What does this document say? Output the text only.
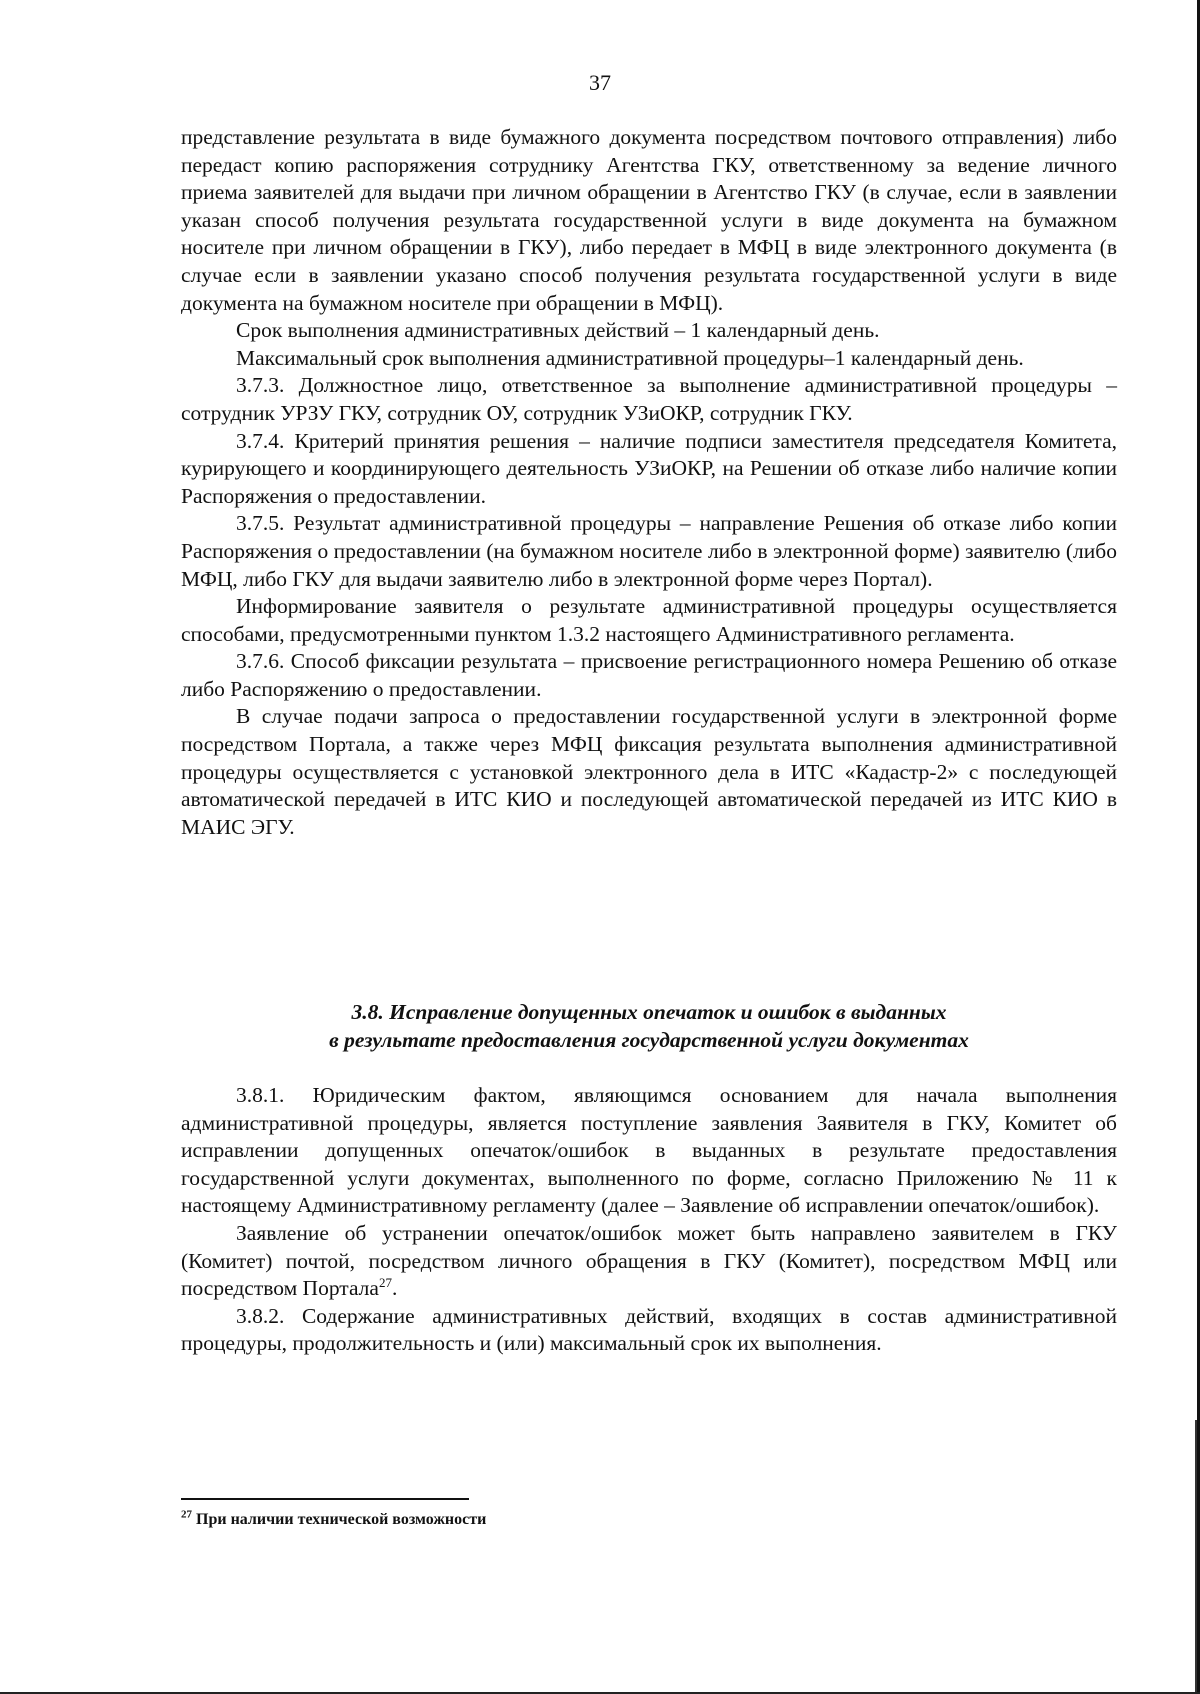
37

представление результата в виде бумажного документа посредством почтового отправления) либо передаст копию распоряжения сотруднику Агентства ГКУ, ответственному за ведение личного приема заявителей для выдачи при личном обращении в Агентство ГКУ (в случае, если в заявлении указан способ получения результата государственной услуги в виде документа на бумажном носителе при личном обращении в ГКУ), либо передает в МФЦ в виде электронного документа (в случае если в заявлении указано способ получения результата государственной услуги в виде документа на бумажном носителе при обращении в МФЦ).

Срок выполнения административных действий – 1 календарный день.

Максимальный срок выполнения административной процедуры–1 календарный день.

3.7.3. Должностное лицо, ответственное за выполнение административной процедуры – сотрудник УРЗУ ГКУ, сотрудник ОУ, сотрудник УЗиОКР, сотрудник ГКУ.

3.7.4. Критерий принятия решения – наличие подписи заместителя председателя Комитета, курирующего и координирующего деятельность УЗиОКР, на Решении об отказе либо наличие копии Распоряжения о предоставлении.

3.7.5. Результат административной процедуры – направление Решения об отказе либо копии Распоряжения о предоставлении (на бумажном носителе либо в электронной форме) заявителю (либо МФЦ, либо ГКУ для выдачи заявителю либо в электронной форме через Портал).

Информирование заявителя о результате административной процедуры осуществляется способами, предусмотренными пунктом 1.3.2 настоящего Административного регламента.

3.7.6. Способ фиксации результата – присвоение регистрационного номера Решению об отказе либо Распоряжению о предоставлении.

В случае подачи запроса о предоставлении государственной услуги в электронной форме посредством Портала, а также через МФЦ фиксация результата выполнения административной процедуры осуществляется с установкой электронного дела в ИТС «Кадастр-2» с последующей автоматической передачей в ИТС КИО и последующей автоматической передачей из ИТС КИО в МАИС ЭГУ.

3.8. Исправление допущенных опечаток и ошибок в выданных
в результате предоставления государственной услуги документах

3.8.1. Юридическим фактом, являющимся основанием для начала выполнения административной процедуры, является поступление заявления Заявителя в ГКУ, Комитет об исправлении допущенных опечаток/ошибок в выданных в результате предоставления государственной услуги документах, выполненного по форме, согласно Приложению № 11 к настоящему Административному регламенту (далее – Заявление об исправлении опечаток/ошибок).

Заявление об устранении опечаток/ошибок может быть направлено заявителем в ГКУ (Комитет) почтой, посредством личного обращения в ГКУ (Комитет), посредством МФЦ или посредством Портала$^{27}$.

3.8.2. Содержание административных действий, входящих в состав административной процедуры, продолжительность и (или) максимальный срок их выполнения.

$^{27}$ При наличии технической возможности
